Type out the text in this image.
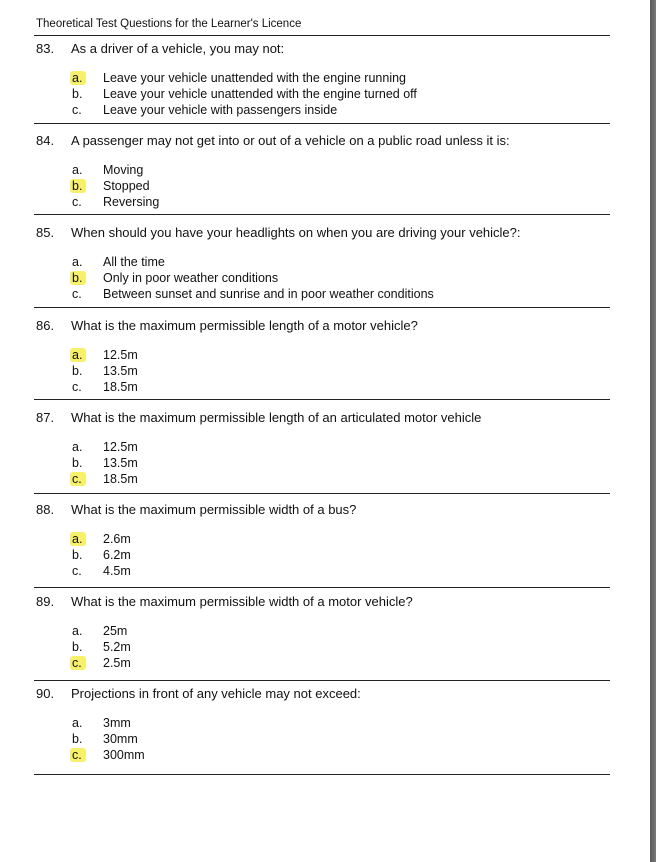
Theoretical Test Questions for the Learner's Licence
83. As a driver of a vehicle, you may not:
a. Leave your vehicle unattended with the engine running
b. Leave your vehicle unattended with the engine turned off
c.	Leave your vehicle with passengers inside
84. A passenger may not get into or out of a vehicle on a public road unless it is:
a. Moving
b. Stopped
c.	Reversing
85. When should you have your headlights on when you are driving your vehicle?:
a. All the time
b. Only in poor weather conditions
c.	Between sunset and sunrise and in poor weather conditions
86. What is the maximum permissible length of a motor vehicle?
a. 12.5m
b. 13.5m
c.	18.5m
87. What is the maximum permissible length of an articulated motor vehicle
a. 12.5m
b. 13.5m
c.	18.5m
88. What is the maximum permissible width of a bus?
a. 2.6m
b. 6.2m
c.	4.5m
89. What is the maximum permissible width of a motor vehicle?
a. 25m
b. 5.2m
c.	2.5m
90. Projections in front of any vehicle may not exceed:
a. 3mm
b. 30mm
c.	300mm
